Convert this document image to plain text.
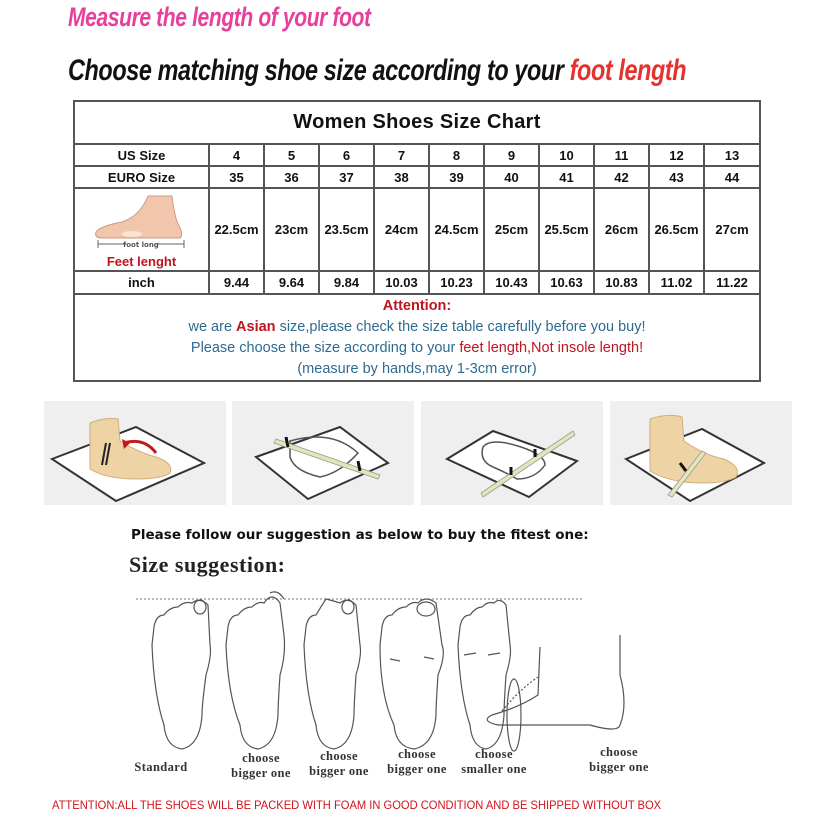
Measure the length of your foot
Choose matching shoe size according to your foot length
Women Shoes Size Chart										
US Size	4	5	6	7	8	9	10	11	12	13
EURO Size	35	36	37	38	39	40	41	42	43	44

foot long
Feet lenght	22.5cm	23cm	23.5cm	24cm	24.5cm	25cm	25.5cm	26cm	26.5cm	27cm
inch	9.44	9.64	9.84	10.03	10.23	10.43	10.63	10.83	11.02	11.22

Attention:
we are Asian size,please check the size table carefully before you buy!
Please choose the size according to your feet length,Not insole length!
(measure by hands,may 1-3cm error)										
Please follow our suggestion as below to buy the fitest one:
Size suggestion:
Standard
choose
bigger one
choose
bigger one
choose
bigger one
choose
smaller one
choose
bigger one
ATTENTION:ALL THE SHOES WILL BE PACKED WITH FOAM IN GOOD CONDITION AND BE SHIPPED WITHOUT BOX
